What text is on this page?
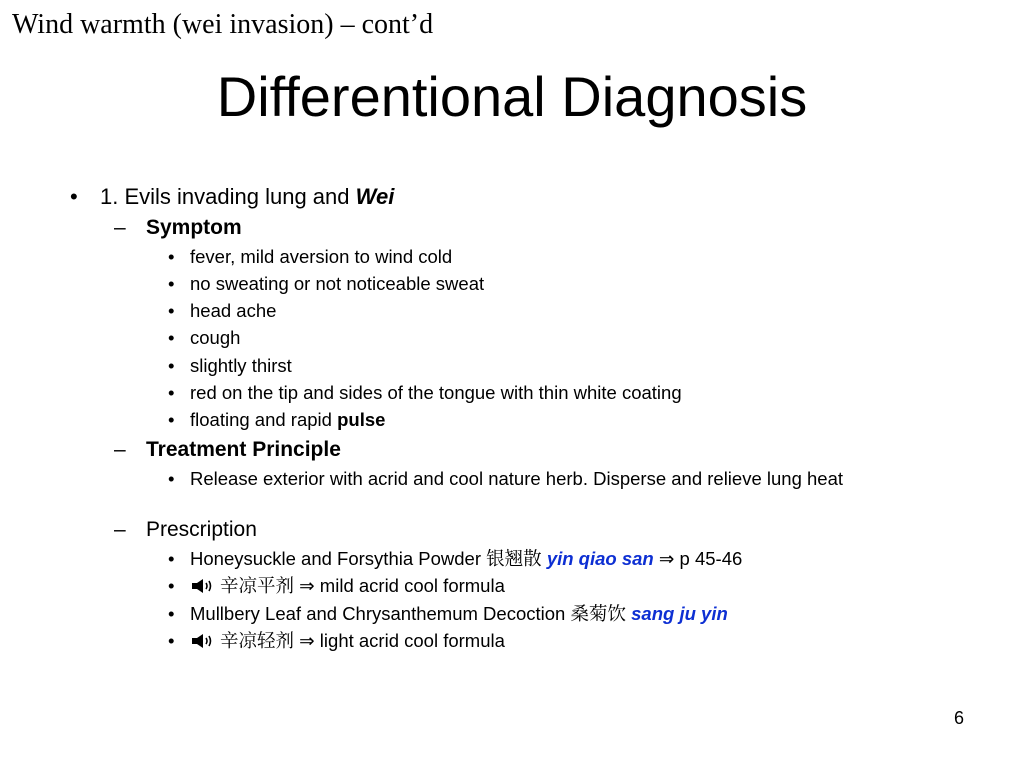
Wind warmth (wei invasion) – cont’d
Differentional Diagnosis
• 1. Evils invading lung and Wei
– Symptom
• fever, mild aversion to wind cold
• no sweating or not noticeable sweat
• head ache
• cough
• slightly thirst
• red on the tip and sides of the tongue with thin white coating
• floating and rapid pulse
– Treatment Principle
• Release exterior with acrid and cool nature herb. Disperse and relieve lung heat
– Prescription
• Honeysuckle and Forsythia Powder 银翘散 yin qiao san ⇒ p 45-46
•	辛凉平剂 ⇒ mild acrid cool formula
• Mullbery Leaf and Chrysanthemum Decoction 桑菊饮 sang ju yin
•	辛凉轻剂 ⇒ light acrid cool formula
6
